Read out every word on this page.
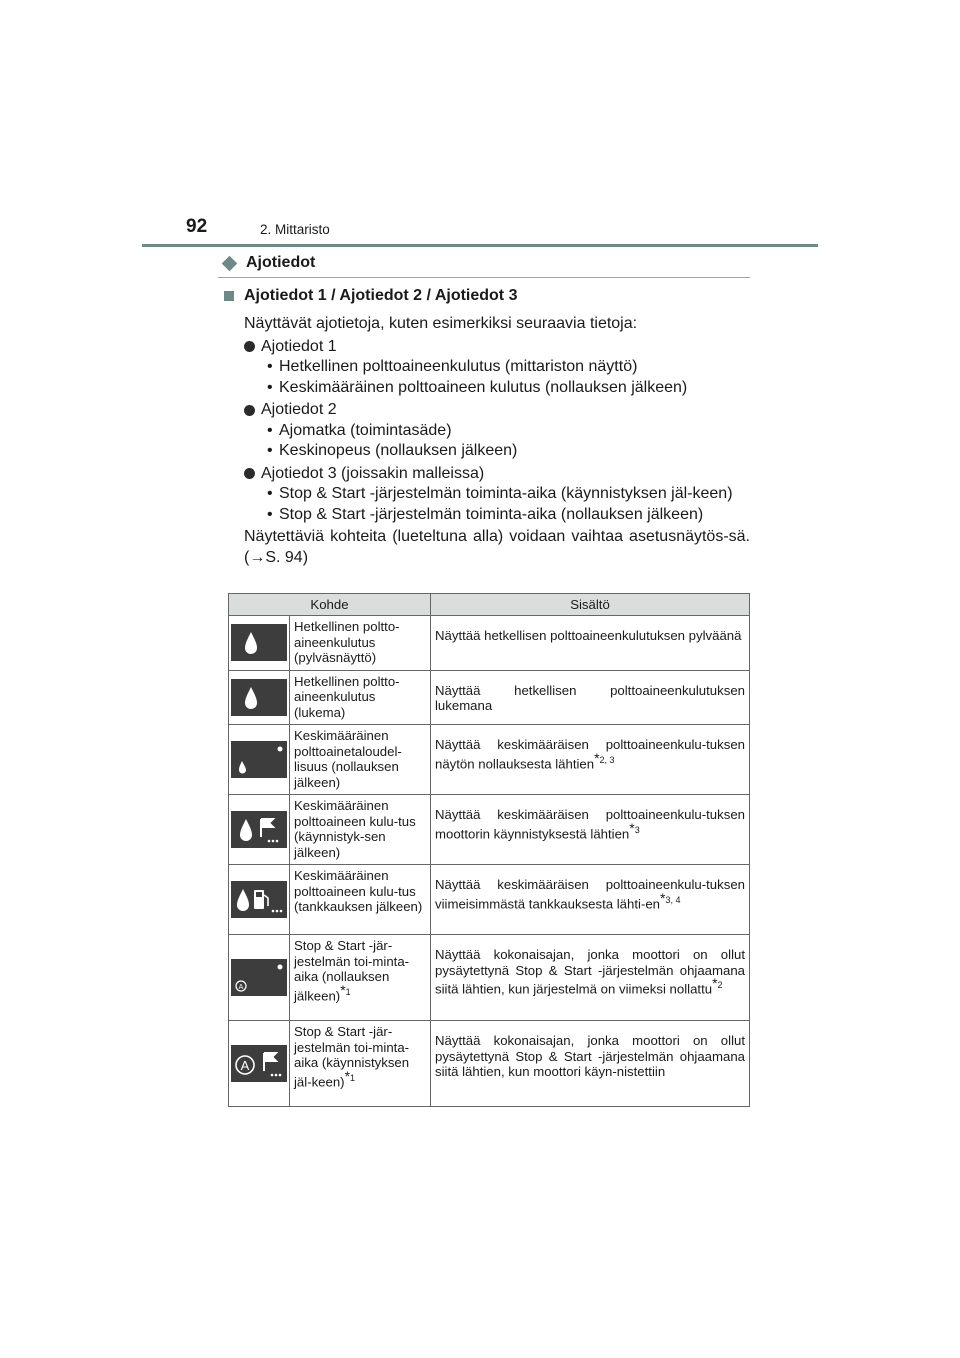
92	2. Mittaristo
Ajotiedot
Ajotiedot 1 / Ajotiedot 2 / Ajotiedot 3

Näyttävät ajotietoja, kuten esimerkiksi seuraavia tietoja:

Ajotiedot 1
• Hetkellinen polttoaineenkulutus (mittariston näyttö)
• Keskimääräinen polttoaineen kulutus (nollauksen jälkeen)
Ajotiedot 2
• Ajomatka (toimintasäde)
• Keskinopeus (nollauksen jälkeen)
Ajotiedot 3 (joissakin malleissa)
• Stop & Start -järjestelmän toiminta-aika (käynnistyksen jäl-keen)
• Stop & Start -järjestelmän toiminta-aika (nollauksen jälkeen)

Näytettäviä kohteita (lueteltuna alla) voidaan vaihtaa asetusnäytös-sä. (→S. 94)

Kohde		Sisältö

	Hetkellinen poltto-aineenkulutus (pylväsnäyttö)	Näyttää hetkellisen polttoaineenkulutuksen pylväänä

	Hetkellinen poltto-aineenkulutus (lukema)	Näyttää hetkellisen polttoaineenkulutuksen lukemana

	Keskimääräinen polttoainetaloudel-lisuus (nollauksen jälkeen)	Näyttää keskimääräisen polttoaineenkulu-tuksen näytön nollauksesta lähtien*$^{2, 3}$

	Keskimääräinen polttoaineen kulu-tus (käynnistyk-sen jälkeen)	Näyttää keskimääräisen polttoaineenkulu-tuksen moottorin käynnistyksestä lähtien*$^3$

	Keskimääräinen polttoaineen kulu-tus (tankkauksen jälkeen)	Näyttää keskimääräisen polttoaineenkulu-tuksen viimeisimmästä tankkauksesta lähti-en*$^{3, 4}$

A	Stop & Start -jär-jestelmän toi-minta-aika (nollauksen jälkeen)*$^1$	Näyttää kokonaisajan, jonka moottori on ollut pysäytettynä Stop & Start -järjestelmän ohjaamana siitä lähtien, kun järjestelmä on viimeksi nollattu*$^2$

A	Stop & Start -jär-jestelmän toi-minta-aika (käynnistyksen jäl-keen)*$^1$	Näyttää kokonaisajan, jonka moottori on ollut pysäytettynä Stop & Start -järjestelmän ohjaamana siitä lähtien, kun moottori käyn-nistettiin
